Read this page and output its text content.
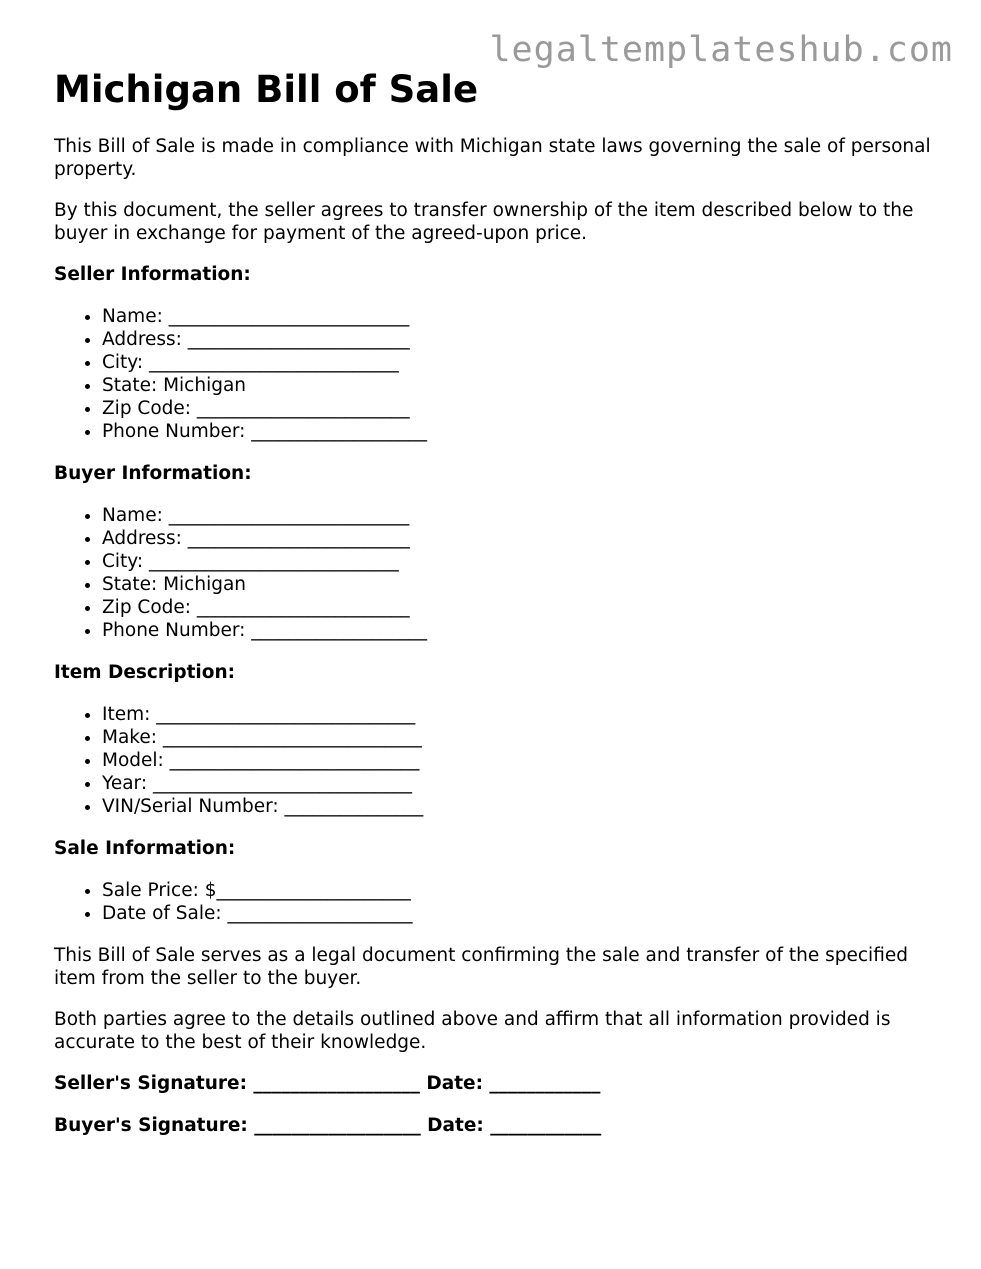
legaltemplateshub.com
Michigan Bill of Sale

This Bill of Sale is made in compliance with Michigan state laws governing the sale of personal property.

By this document, the seller agrees to transfer ownership of the item described below to the buyer in exchange for payment of the agreed-upon price.

Seller Information:
• Name: __________________________
• Address: ________________________
• City: ___________________________
• State: Michigan
• Zip Code: _______________________
• Phone Number: ___________________
Buyer Information:
• Name: __________________________
• Address: ________________________
• City: ___________________________
• State: Michigan
• Zip Code: _______________________
• Phone Number: ___________________
Item Description:
• Item: ____________________________
• Make: ____________________________
• Model: ___________________________
• Year: ____________________________
• VIN/Serial Number: _______________
Sale Information:
• Sale Price: $_____________________
• Date of Sale: ____________________

This Bill of Sale serves as a legal document confirming the sale and transfer of the specified item from the seller to the buyer.

Both parties agree to the details outlined above and affirm that all information provided is accurate to the best of their knowledge.

Seller's Signature: __________________ Date: ____________
Buyer's Signature: __________________ Date: ____________
